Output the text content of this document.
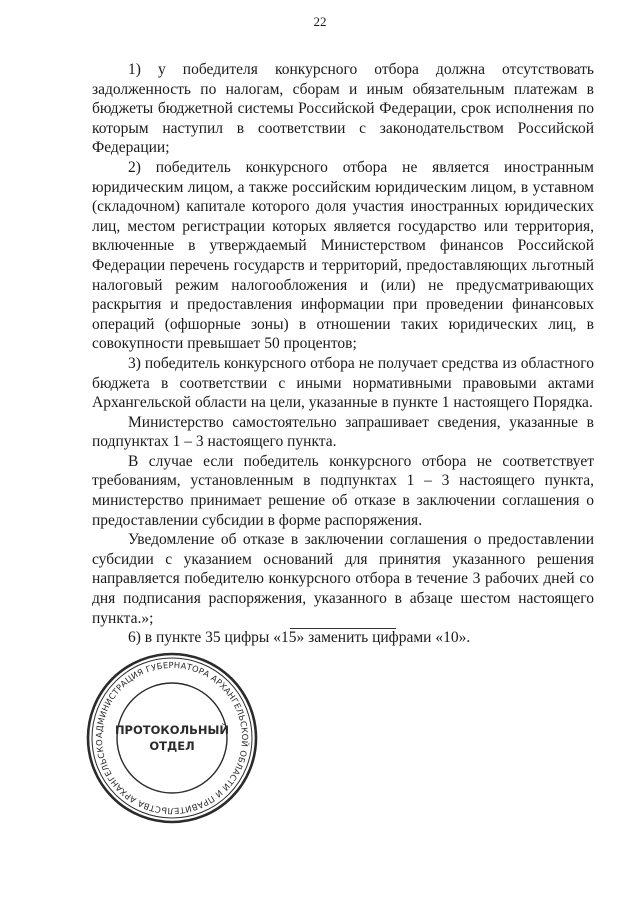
22

1) у победителя конкурсного отбора должна отсутствовать задолженность по налогам, сборам и иным обязательным платежам в бюджеты бюджетной системы Российской Федерации, срок исполнения по которым наступил в соответствии с законодательством Российской Федерации;

2) победитель конкурсного отбора не является иностранным юридическим лицом, а также российским юридическим лицом, в уставном (складочном) капитале которого доля участия иностранных юридических лиц, местом регистрации которых является государство или территория, включенные в утверждаемый Министерством финансов Российской Федерации перечень государств и территорий, предоставляющих льготный налоговый режим налогообложения и (или) не предусматривающих раскрытия и предоставления информации при проведении финансовых операций (офшорные зоны) в отношении таких юридических лиц, в совокупности превышает 50 процентов;

3) победитель конкурсного отбора не получает средства из областного бюджета в соответствии с иными нормативными правовыми актами Архангельской области на цели, указанные в пункте 1 настоящего Порядка.

Министерство самостоятельно запрашивает сведения, указанные в подпунктах 1 – 3 настоящего пункта.

В случае если победитель конкурсного отбора не соответствует требованиям, установленным в подпунктах 1 – 3 настоящего пункта, министерство принимает решение об отказе в заключении соглашения о предоставлении субсидии в форме распоряжения.

Уведомление об отказе в заключении соглашения о предоставлении субсидии с указанием оснований для принятия указанного решения направляется победителю конкурсного отбора в течение 3 рабочих дней со дня подписания распоряжения, указанного в абзаце шестом настоящего пункта.»;

6) в пункте 35 цифры «15» заменить цифрами «10».

АДМИНИСТРАЦИЯ ГУБЕРНАТОРА АРХАНГЕЛЬСКОЙ ОБЛАСТИ И ПРАВИТЕЛЬСТВА АРХАНГЕЛЬСКО
ПРОТОКОЛЬНЫЙ
ОТДЕЛ
